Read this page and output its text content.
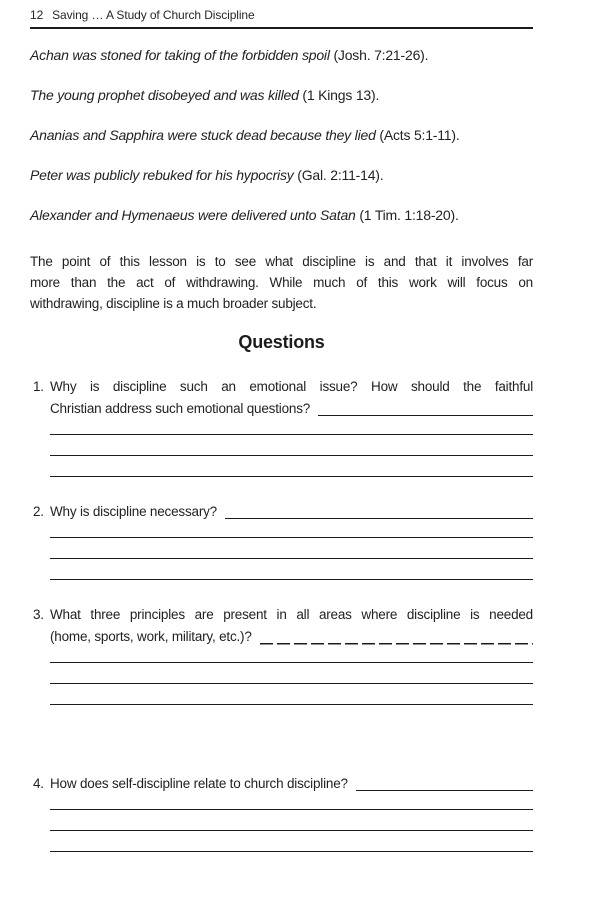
12 Saving … A Study of Church Discipline
Achan was stoned for taking of the forbidden spoil (Josh. 7:21-26).
The young prophet disobeyed and was killed (1 Kings 13).
Ananias and Sapphira were stuck dead because they lied (Acts 5:1-11).
Peter was publicly rebuked for his hypocrisy (Gal. 2:11-14).
Alexander and Hymenaeus were delivered unto Satan (1 Tim. 1:18-20).
The point of this lesson is to see what discipline is and that it involves far
more than the act of withdrawing. While much of this work will focus on
withdrawing, discipline is a much broader subject.
Questions
1. Why is discipline such an emotional issue? How should the faithful
Christian address such emotional questions?
2. Why is discipline necessary?
3. What three principles are present in all areas where discipline is needed
(home, sports, work, military, etc.)?
4. How does self-discipline relate to church discipline?
